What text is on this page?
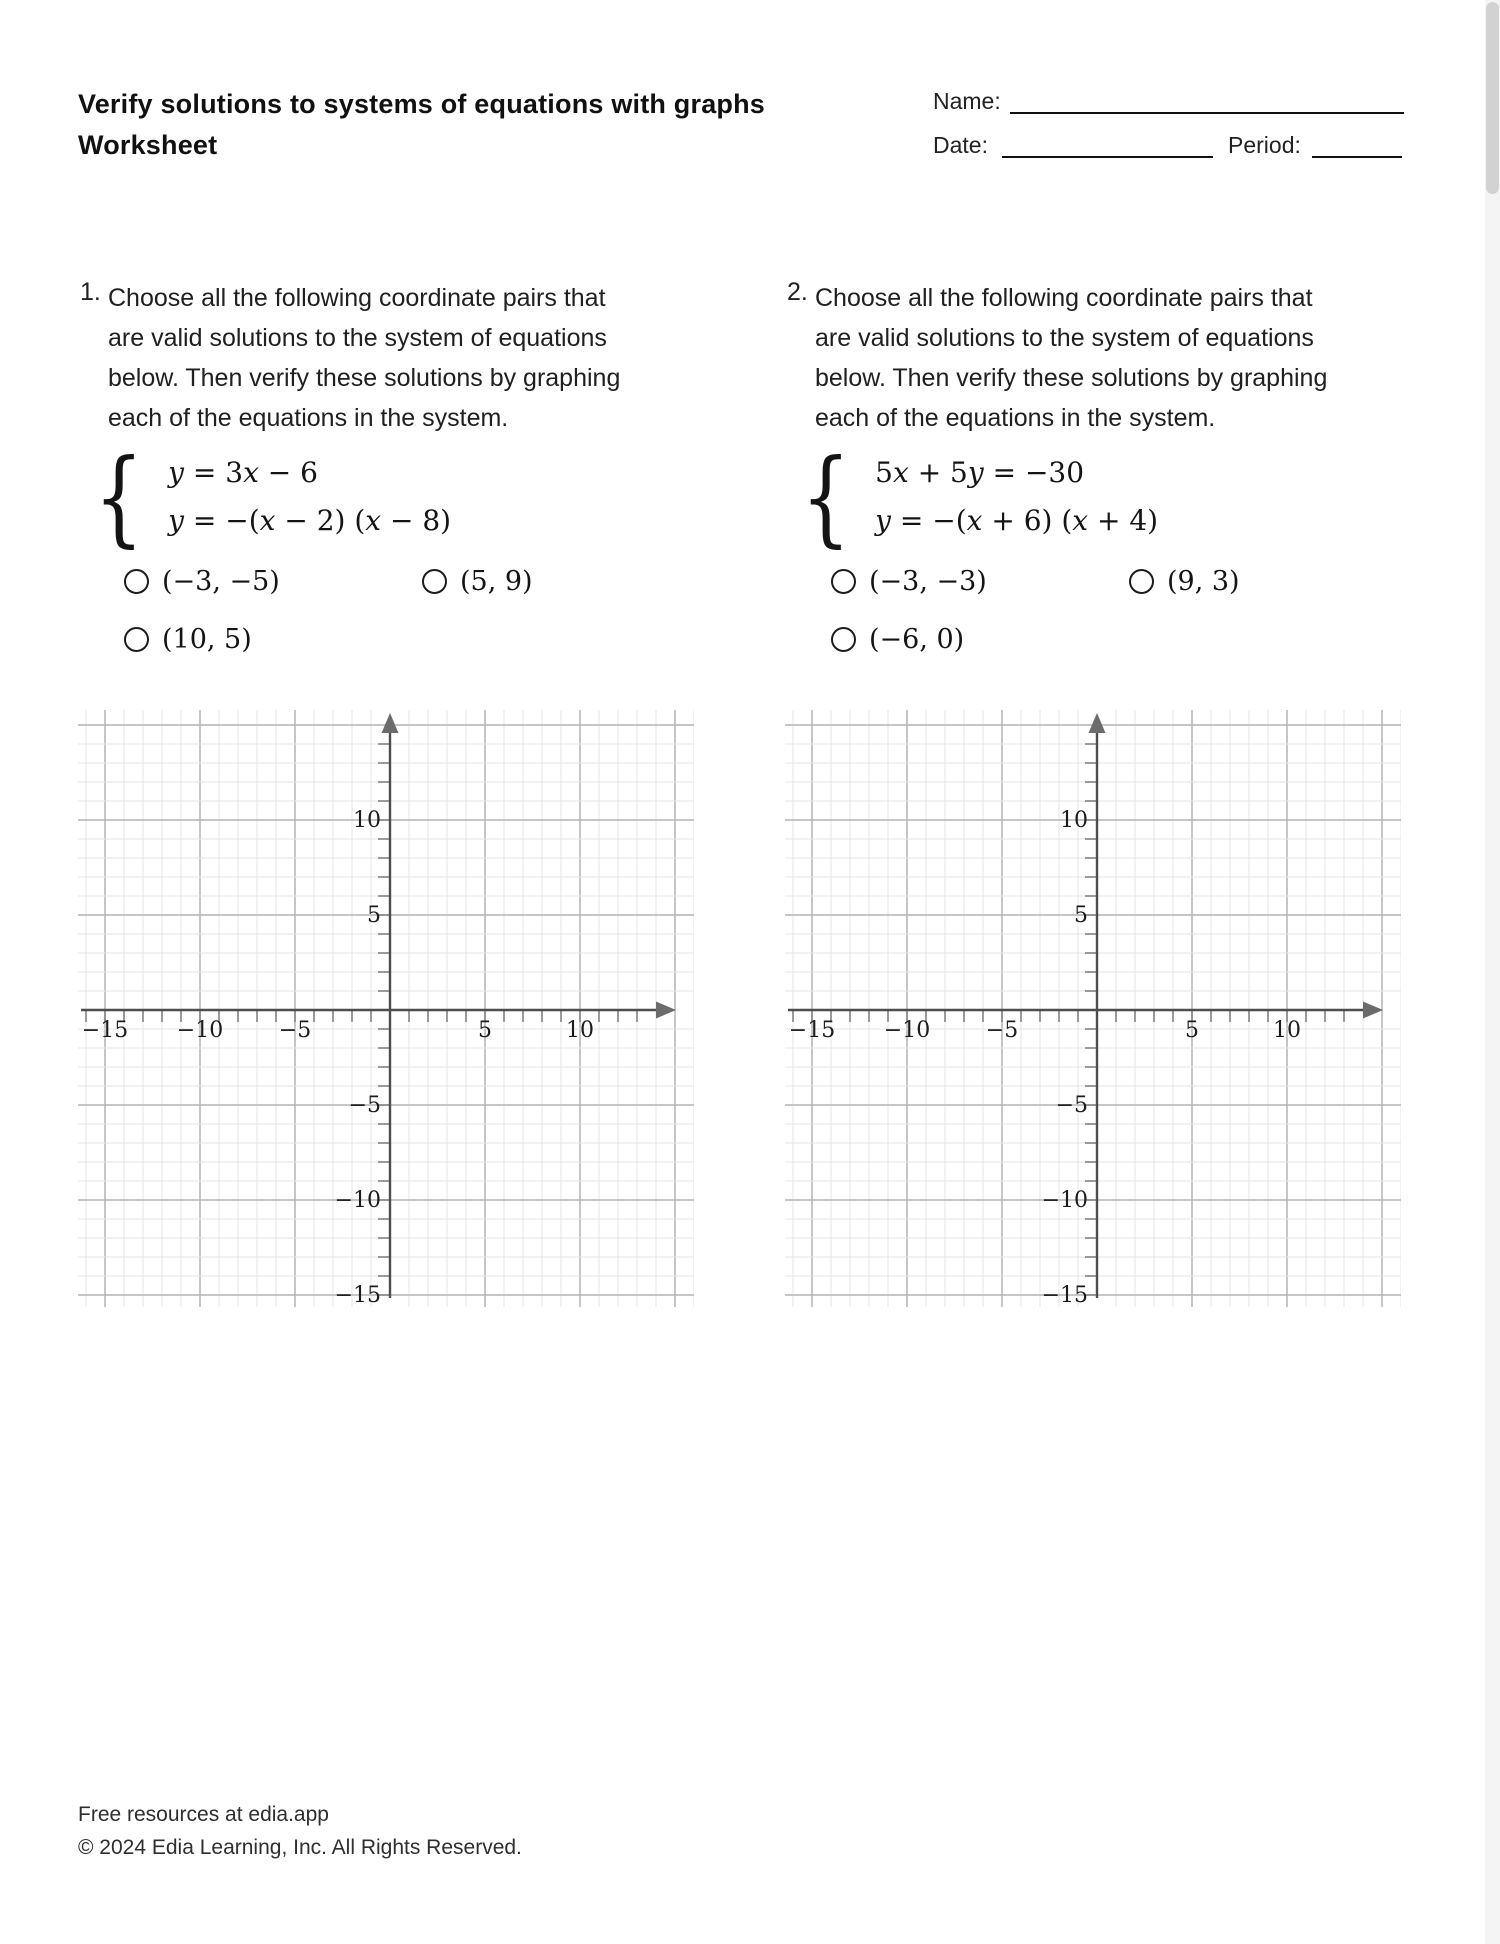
Verify solutions to systems of equations with graphs
Worksheet
Name:
Date:	Period:
1. Choose all the following coordinate pairs that
are valid solutions to the system of equations
below. Then verify these solutions by graphing
each of the equations in the system.
{ y = 3x − 6
y = −(x − 2) (x − 8)
(−3, −5)	(5, 9)
(10, 5)
−15 −10	−5	5	10
10
5
−5
−10
−15
2. Choose all the following coordinate pairs that
are valid solutions to the system of equations
below. Then verify these solutions by graphing
each of the equations in the system.
{ 5x + 5y = −30
y = −(x + 6) (x + 4)
(−3, −3)	(9, 3)
(−6, 0)
−15 −10	−5	5	10
10
5
−5
−10
−15
Free resources at edia.app
© 2024 Edia Learning, Inc. All Rights Reserved.
